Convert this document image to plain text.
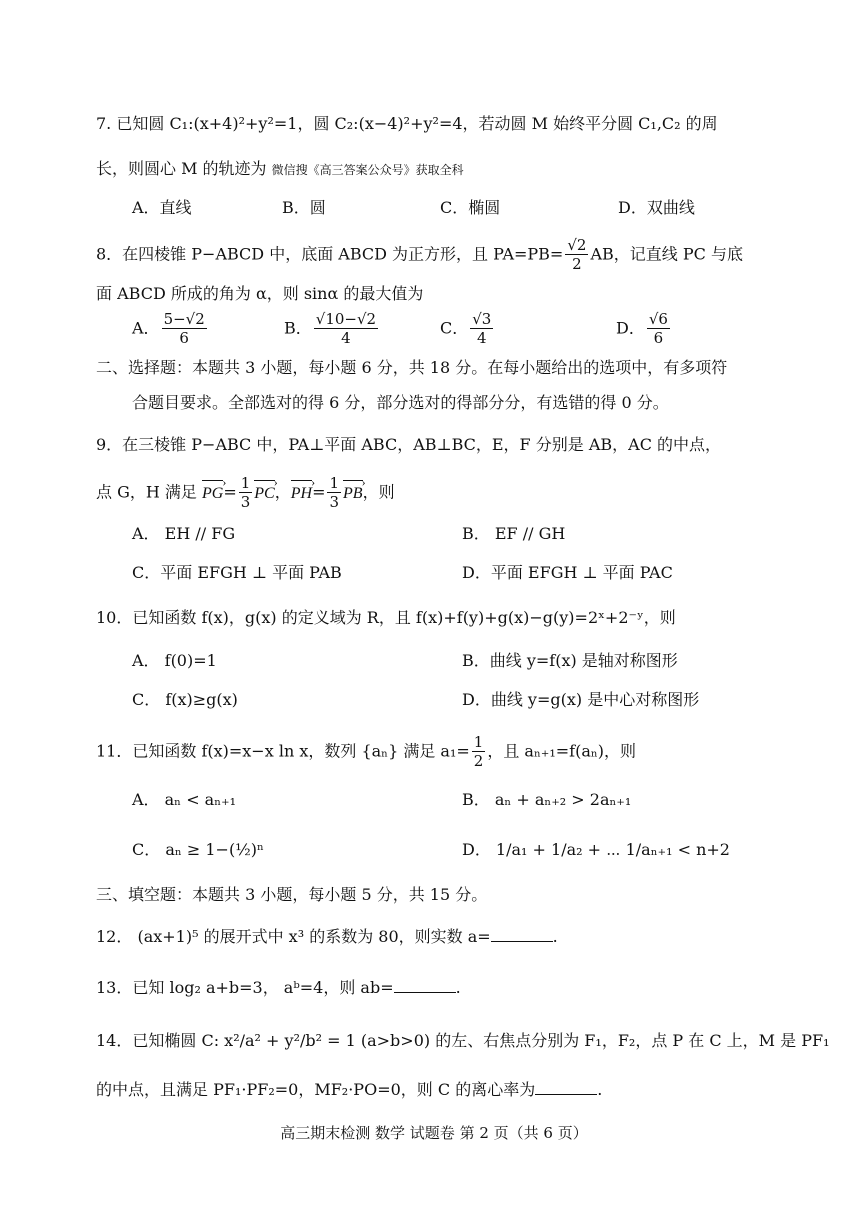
7. 已知圆 C₁:(x+4)²+y²=1，圆 C₂:(x−4)²+y²=4，若动圆 M 始终平分圆 C₁,C₂ 的周
长，则圆心 M 的轨迹为 微信搜《高三答案公众号》获取全科
A．直线	B．圆	C．椭圆	D．双曲线
8．在四棱锥 P−ABCD 中，底面 ABCD 为正方形，且 $PA=PB= \frac{√2}{2}$ AB，记直线 PC 与底
面 ABCD 所成的角为 α，则 sinα 的最大值为
A． $\frac{5-√2}{6}$	B． $\frac{√10-√2}{4}$	C． $\frac{√3}{4}$	D． $\frac{√6}{6}$
二、选择题：本题共 3 小题，每小题 6 分，共 18 分。在每小题给出的选项中，有多项符
合题目要求。全部选对的得 6 分，部分选对的得部分分，有选错的得 0 分。
9．在三棱锥 P−ABC 中，PA⊥平面 ABC，AB⊥BC，E，F 分别是 AB，AC 的中点，
点 G，H 满足 PG ›= $\frac{1}{3}$ PC ›，PH ›= $\frac{1}{3}$ PB ›，则
A． EH // FG	B． EF // GH
C．平面 EFGH ⊥ 平面 PAB	D．平面 EFGH ⊥ 平面 PAC
10．已知函数 f(x)，g(x) 的定义域为 R，且 f(x)+f(y)+g(x)−g(y)=2ˣ+2⁻ʸ，则
A． f(0)=1	B．曲线 y=f(x) 是轴对称图形
C． f(x)≥g(x)	D．曲线 y=g(x) 是中心对称图形
11．已知函数 f(x)=x−x ln x，数列 {aₙ} 满足 $a_1= \frac{1}{2}$ ，且 aₙ₊₁=f(aₙ)，则
A． aₙ < aₙ₊₁	B． aₙ + aₙ₊₂ > 2aₙ₊₁
C． aₙ ≥ 1−(½)ⁿ	D． 1/a₁ + 1/a₂ + ⋯ 1/aₙ₊₁ < n+2
三、填空题：本题共 3 小题，每小题 5 分，共 15 分。
12． (ax+1)⁵ 的展开式中 x³ 的系数为 80，则实数 a=	.
13．已知 log₂ a+b=3， aᵇ=4，则 ab=	.
14．已知椭圆 C: x²/a² + y²/b² = 1 (a>b>0) 的左、右焦点分别为 F₁，F₂，点 P 在 C 上，M 是 PF₁
的中点，且满足 PF₁·PF₂=0，MF₂·PO=0，则 C 的离心率为	.
高三期末检测 数学 试题卷 第 2 页（共 6 页）
